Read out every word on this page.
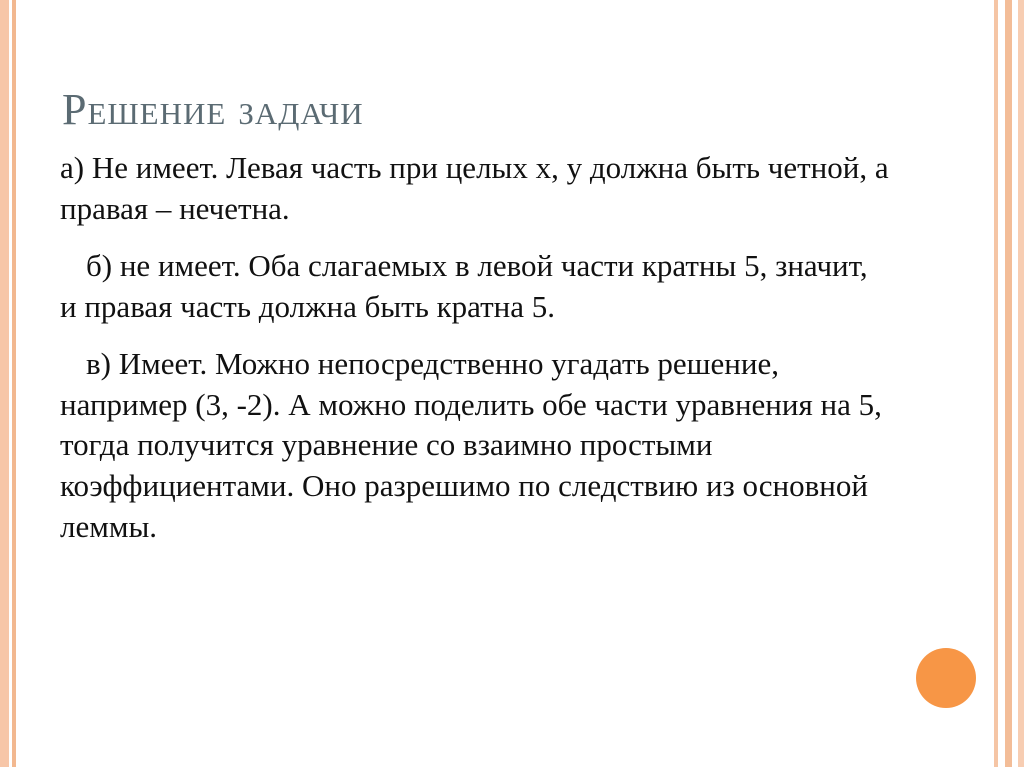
Решение задачи

а) Не имеет. Левая часть при целых x, y должна быть четной, а правая – нечетна.

б) не имеет. Оба слагаемых в левой части кратны 5, значит, и правая часть должна быть кратна 5.

в) Имеет. Можно непосредственно угадать решение, например (3, -2). А можно поделить обе части уравнения на 5, тогда получится уравнение со взаимно простыми коэффициентами. Оно разрешимо по следствию из основной леммы.
